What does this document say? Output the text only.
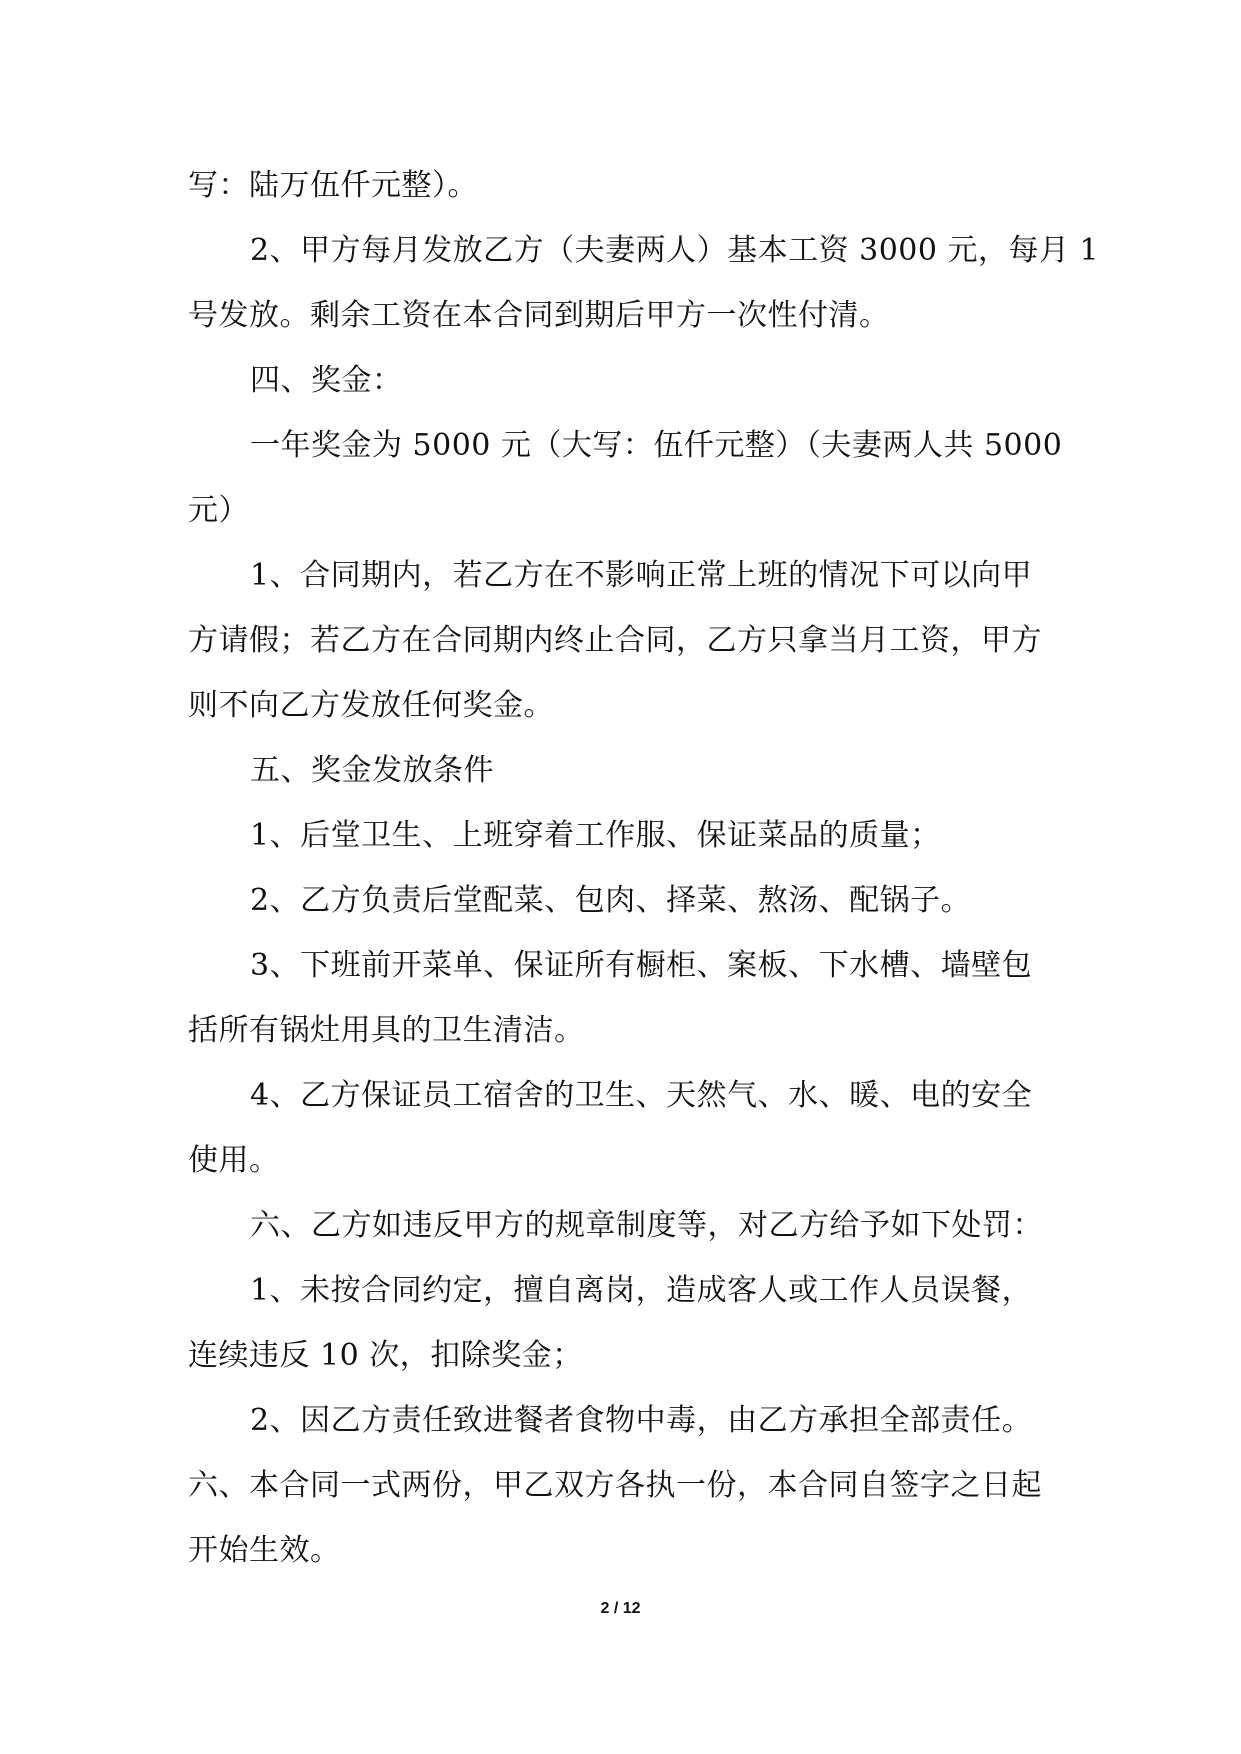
写：陆万伍仟元整）。
2、甲方每月发放乙方（夫妻两人）基本工资 3000 元，每月 1
号发放。剩余工资在本合同到期后甲方一次性付清。
四、奖金：
一年奖金为 5000 元（大写：伍仟元整）（夫妻两人共 5000
元）
1、合同期内，若乙方在不影响正常上班的情况下可以向甲
方请假；若乙方在合同期内终止合同，乙方只拿当月工资，甲方
则不向乙方发放任何奖金。
五、奖金发放条件
1、后堂卫生、上班穿着工作服、保证菜品的质量；
2、乙方负责后堂配菜、包肉、择菜、熬汤、配锅子。
3、下班前开菜单、保证所有橱柜、案板、下水槽、墙壁包
括所有锅灶用具的卫生清洁。
4、乙方保证员工宿舍的卫生、天然气、水、暖、电的安全
使用。
六、乙方如违反甲方的规章制度等，对乙方给予如下处罚：
1、未按合同约定，擅自离岗，造成客人或工作人员误餐，
连续违反 10 次，扣除奖金；
2、因乙方责任致进餐者食物中毒，由乙方承担全部责任。
六、本合同一式两份，甲乙双方各执一份，本合同自签字之日起
开始生效。
2 / 12
